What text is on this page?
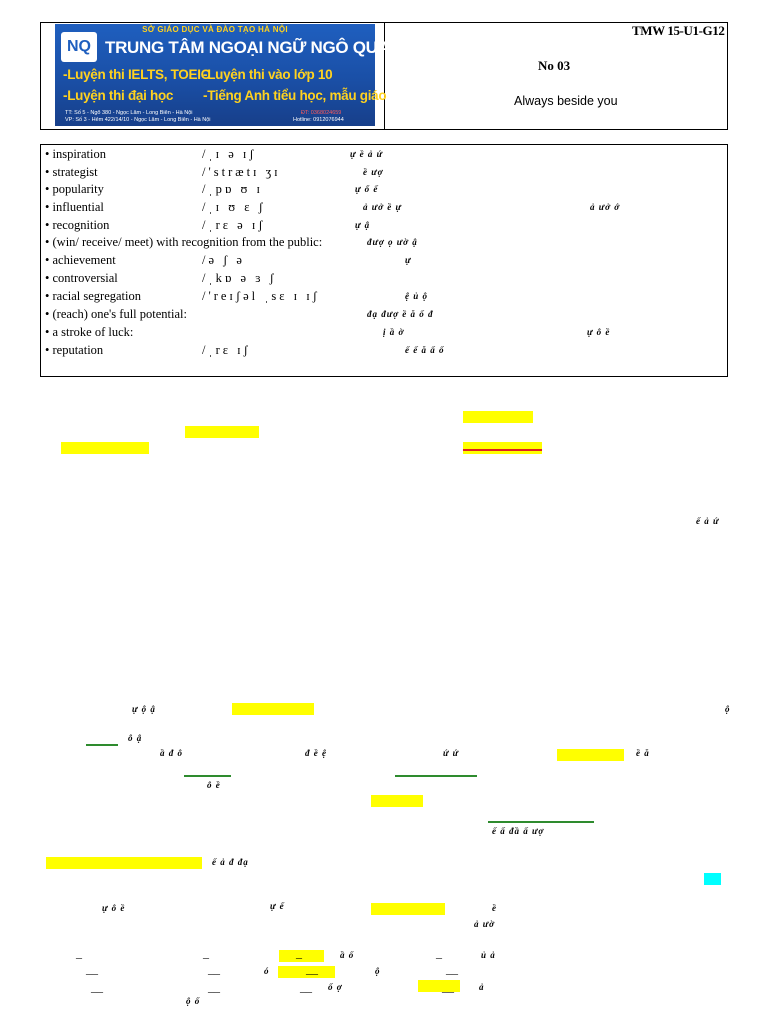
SỞ GIÁO DỤC VÀ ĐÀO TẠO HÀ NỘI
NQ TRUNG TÂM NGOẠI NGỮ NGÔ QUANG
-Luyện thi IELTS, TOEIC
-Luyện thi vào lớp 10
-Luyện thi đại học -Tiếng Anh tiểu học, mẫu giáo
TT: Số 5 - Ngõ 380 - Ngọc Lâm - Long Biên - Hà Nội
VP: Số 3 - Hẻm 422/14/10 - Ngọc Lâm - Long Biên - Hà Nội
ĐT: 0368024659
Hotline: 0912076944
TMW 15-U1-G12
No 03
Always beside you
• inspiration	/ˌɪ ə ɪʃ	ự ề ả ứ
• strategist	/'strætɪ ʒɪ	ề ượ
• popularity	/ˌpɒ ʊ ɪ	ự ổ ế
• influential	/ˌɪ ʊ ɛ ʃ	ả ưở ề ự	ả ưở ớ
• recognition	/ˌrɛ ə ɪʃ	ự ậ
• (win/ receive/ meet) with recognition from the public:	đượ ọ ườ ậ
• achievement	/ə ʃ ə	ự
• controversial	/ˌkɒ ə ɜ ʃ
• racial segregation	/'reɪʃəl ˌsɛ ɪ ɪʃ	ệ ủ ộ
• (reach) one's full potential:	đạ đượ ề ă ố đ
• a stroke of luck:	ị ầ ờ	ự ô ề
• reputation	/ˌrɛ ɪʃ	ế ế ă ấ ố
ế ả ứ
ự ộ ậ	ộ
ô ậ
ầ đ ô	đ ề ệ	ứ ứ	ề ă
ô ề
ế ấ đầ ấ ượ
ế ả đ đạ
ự ô ề	ự ế	ề
ả ườ
_	_	_	ầ ố	_	ủ ả
__	__	ó	__	ộ	__
__	__	__ ố ợ	__	ả
ộ ố
